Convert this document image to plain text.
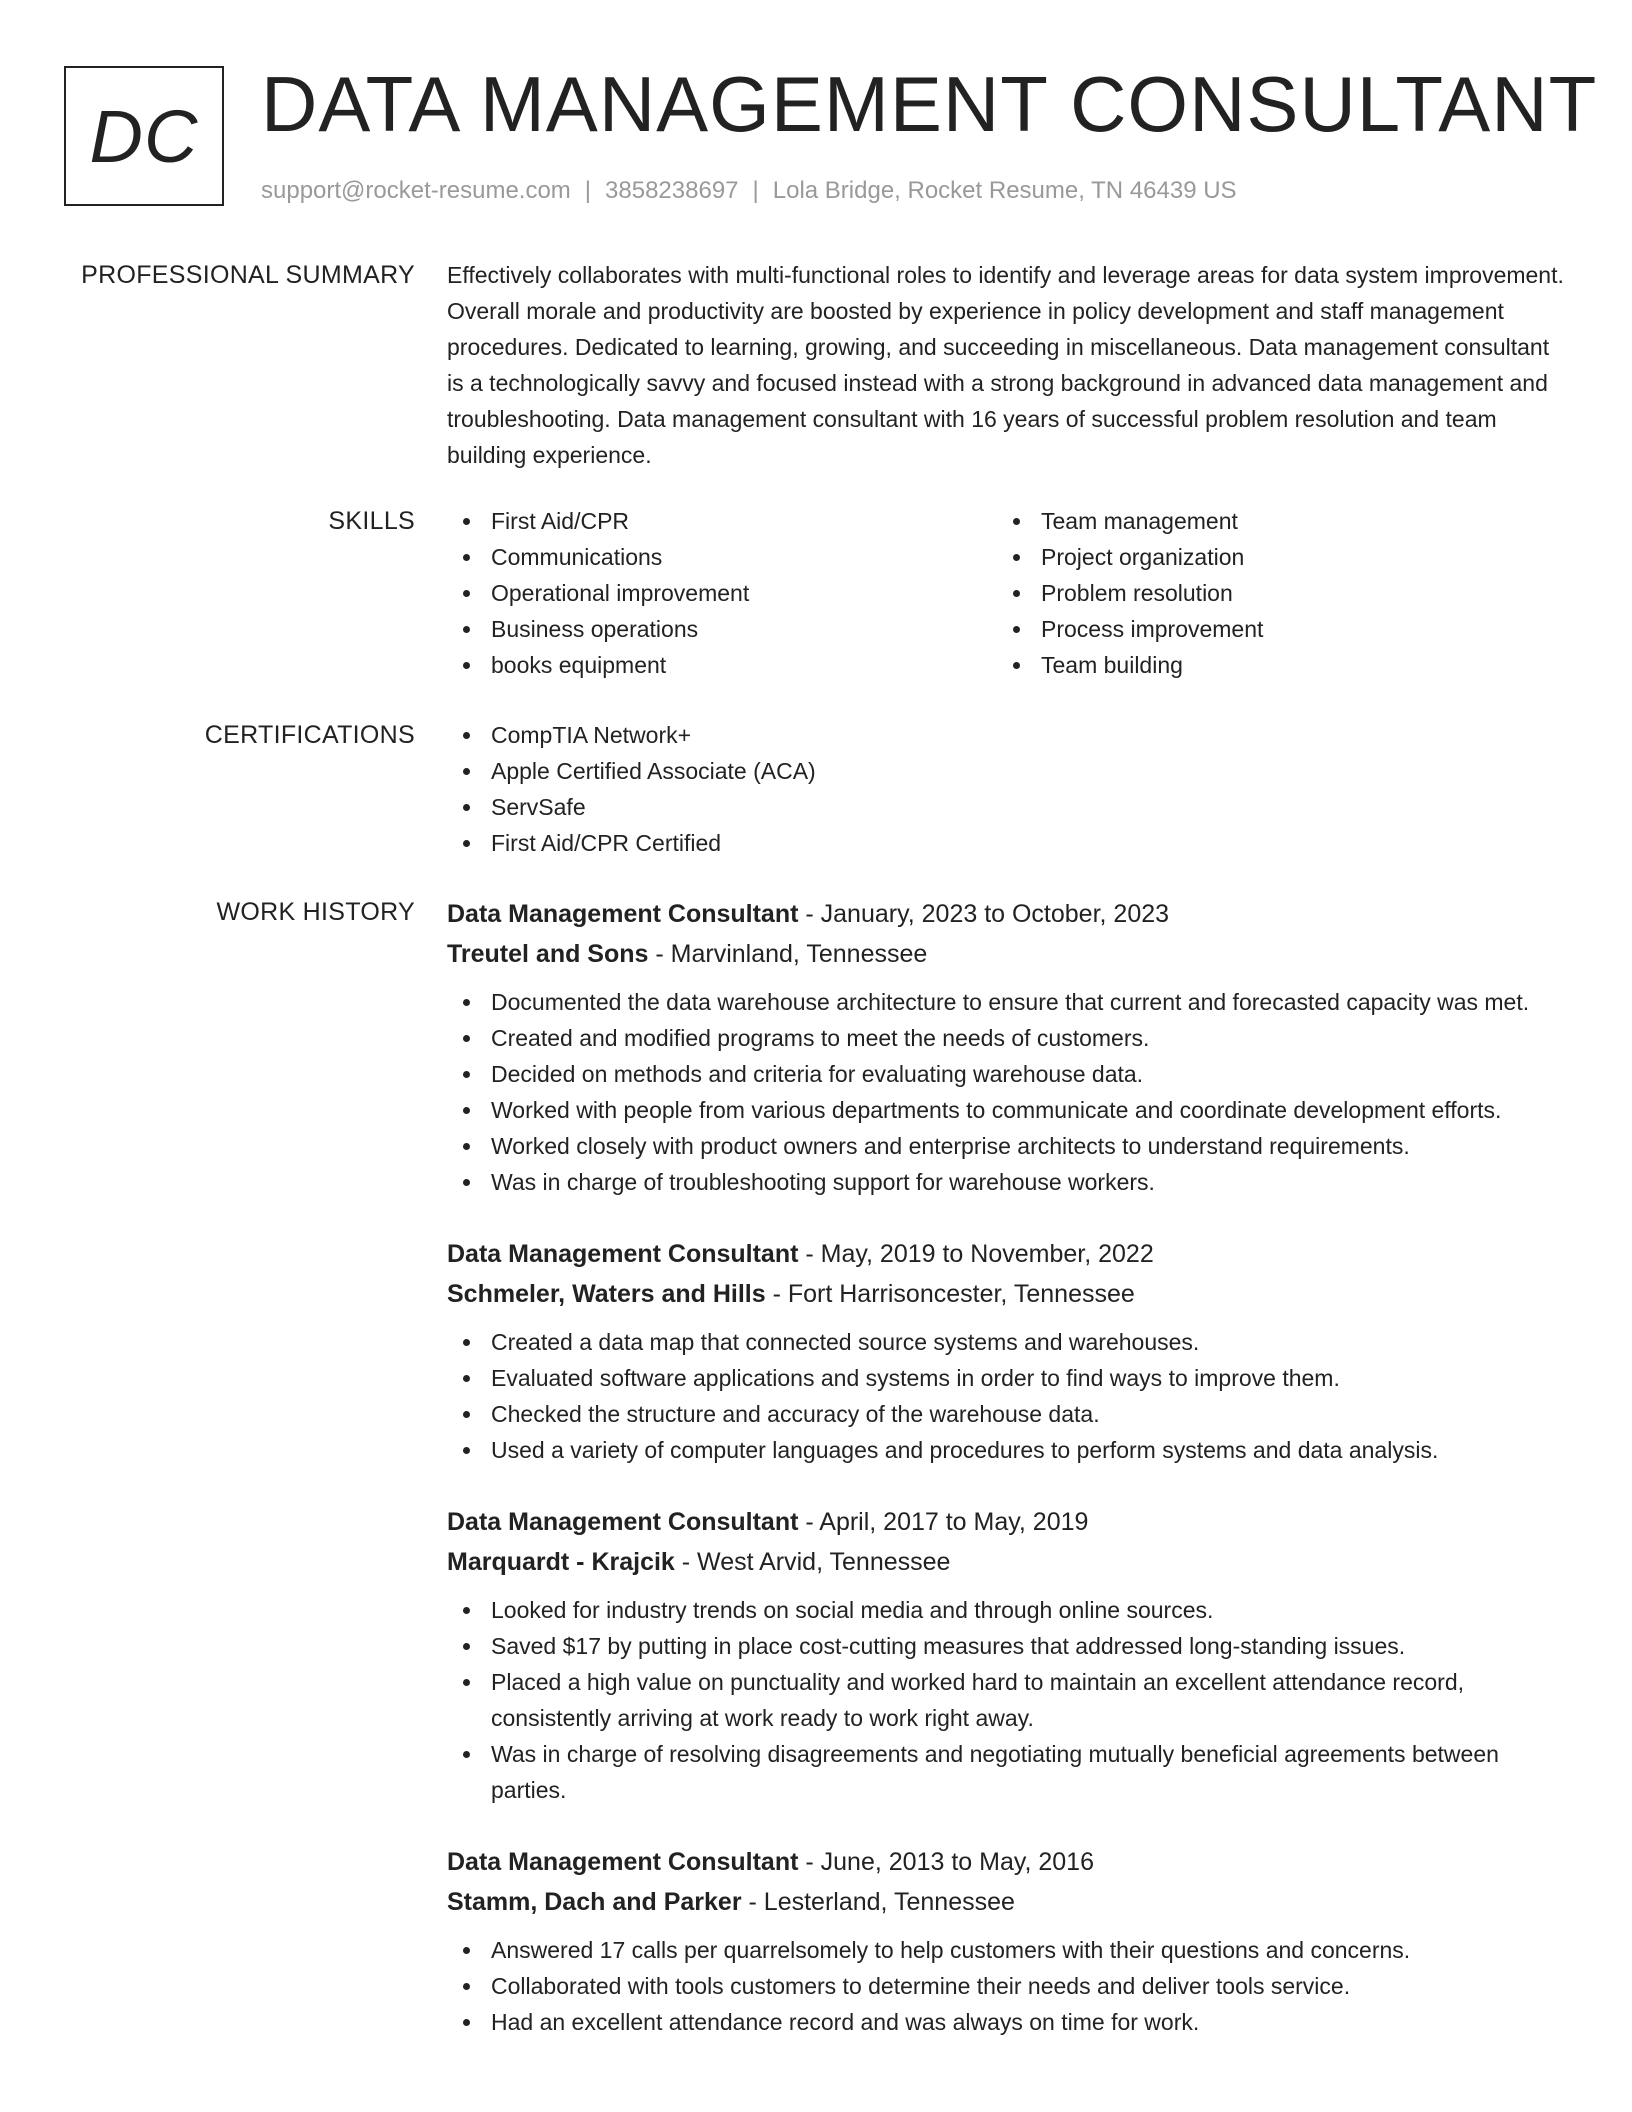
DC DATA MANAGEMENT CONSULTANT
support@rocket-resume.com | 3858238697 | Lola Bridge, Rocket Resume, TN 46439 US
PROFESSIONAL SUMMARY Effectively collaborates with multi-functional roles to identify and leverage areas for data system improvement. Overall morale and productivity are boosted by experience in policy development and staff management procedures. Dedicated to learning, growing, and succeeding in miscellaneous. Data management consultant is a technologically savvy and focused instead with a strong background in advanced data management and troubleshooting. Data management consultant with 16 years of successful problem resolution and team building experience.

SKILLS	First Aid/CPR
Communications
Operational improvement
Business operations
books equipment
Team management
Project organization
Problem resolution
Process improvement
Team building
CERTIFICATIONS	CompTIA Network+
Apple Certified Associate (ACA)
ServSafe
First Aid/CPR Certified
WORK HISTORY Data Management Consultant - January, 2023 to October, 2023
Treutel and Sons - Marvinland, Tennessee
Documented the data warehouse architecture to ensure that current and forecasted capacity was met.
Created and modified programs to meet the needs of customers.
Decided on methods and criteria for evaluating warehouse data.
Worked with people from various departments to communicate and coordinate development efforts.
Worked closely with product owners and enterprise architects to understand requirements.
Was in charge of troubleshooting support for warehouse workers.
Data Management Consultant - May, 2019 to November, 2022
Schmeler, Waters and Hills - Fort Harrisoncester, Tennessee
Created a data map that connected source systems and warehouses.
Evaluated software applications and systems in order to find ways to improve them.
Checked the structure and accuracy of the warehouse data.
Used a variety of computer languages and procedures to perform systems and data analysis.
Data Management Consultant - April, 2017 to May, 2019
Marquardt - Krajcik - West Arvid, Tennessee
Looked for industry trends on social media and through online sources.
Saved $17 by putting in place cost-cutting measures that addressed long-standing issues.
Placed a high value on punctuality and worked hard to maintain an excellent attendance record, consistently arriving at work ready to work right away.
Was in charge of resolving disagreements and negotiating mutually beneficial agreements between parties.
Data Management Consultant - June, 2013 to May, 2016
Stamm, Dach and Parker - Lesterland, Tennessee
Answered 17 calls per quarrelsomely to help customers with their questions and concerns.
Collaborated with tools customers to determine their needs and deliver tools service.
Had an excellent attendance record and was always on time for work.
